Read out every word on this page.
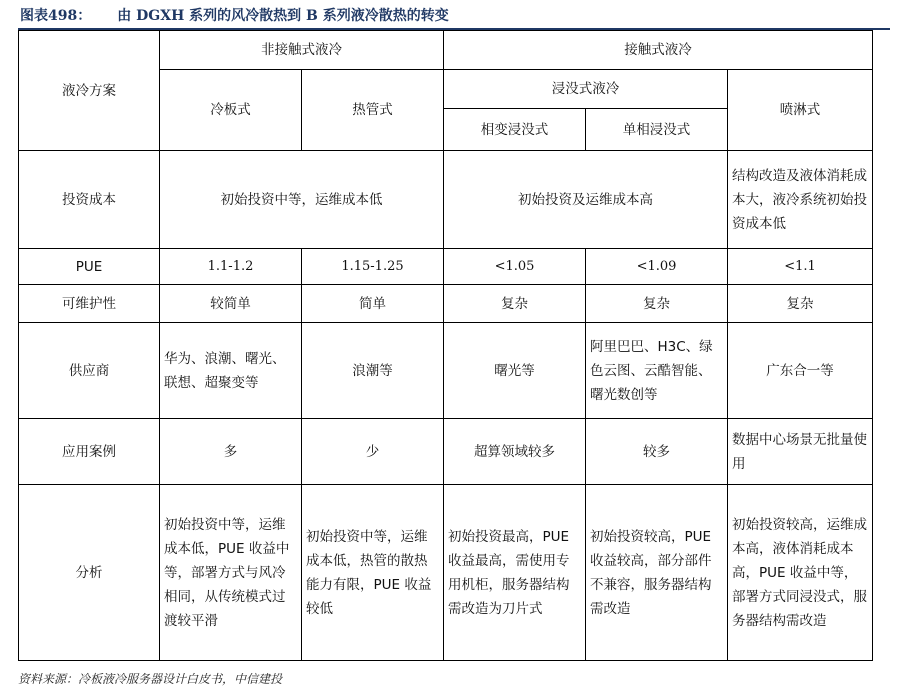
图表498： 由 DGXH 系列的风冷散热到 B 系列液冷散热的转变
液冷方案	非接触式液冷		接触式液冷		
	冷板式	热管式	浸没式液冷		喷淋式
			相变浸没式	单相浸没式	
投资成本	初始投资中等，运维成本低		初始投资及运维成本高		结构改造及液体消耗成本大，液冷系统初始投资成本低
PUE	1.1-1.2	1.15-1.25	<1.05	<1.09	<1.1
可维护性	较简单	简单	复杂	复杂	复杂
供应商	华为、浪潮、曙光、联想、超聚变等	浪潮等	曙光等	阿里巴巴、H3C、绿色云图、云酷智能、曙光数创等	广东合一等
应用案例	多	少	超算领域较多	较多	数据中心场景无批量使用
分析	初始投资中等，运维成本低，PUE 收益中等，部署方式与风冷相同，从传统模式过渡较平滑	初始投资中等，运维成本低，热管的散热能力有限，PUE 收益较低	初始投资最高，PUE 收益最高，需使用专用机柜，服务器结构需改造为刀片式	初始投资较高，PUE 收益较高，部分部件不兼容，服务器结构需改造	初始投资较高，运维成本高，液体消耗成本高，PUE 收益中等，部署方式同浸没式，服务器结构需改造
资料来源：冷板液冷服务器设计白皮书，中信建投
